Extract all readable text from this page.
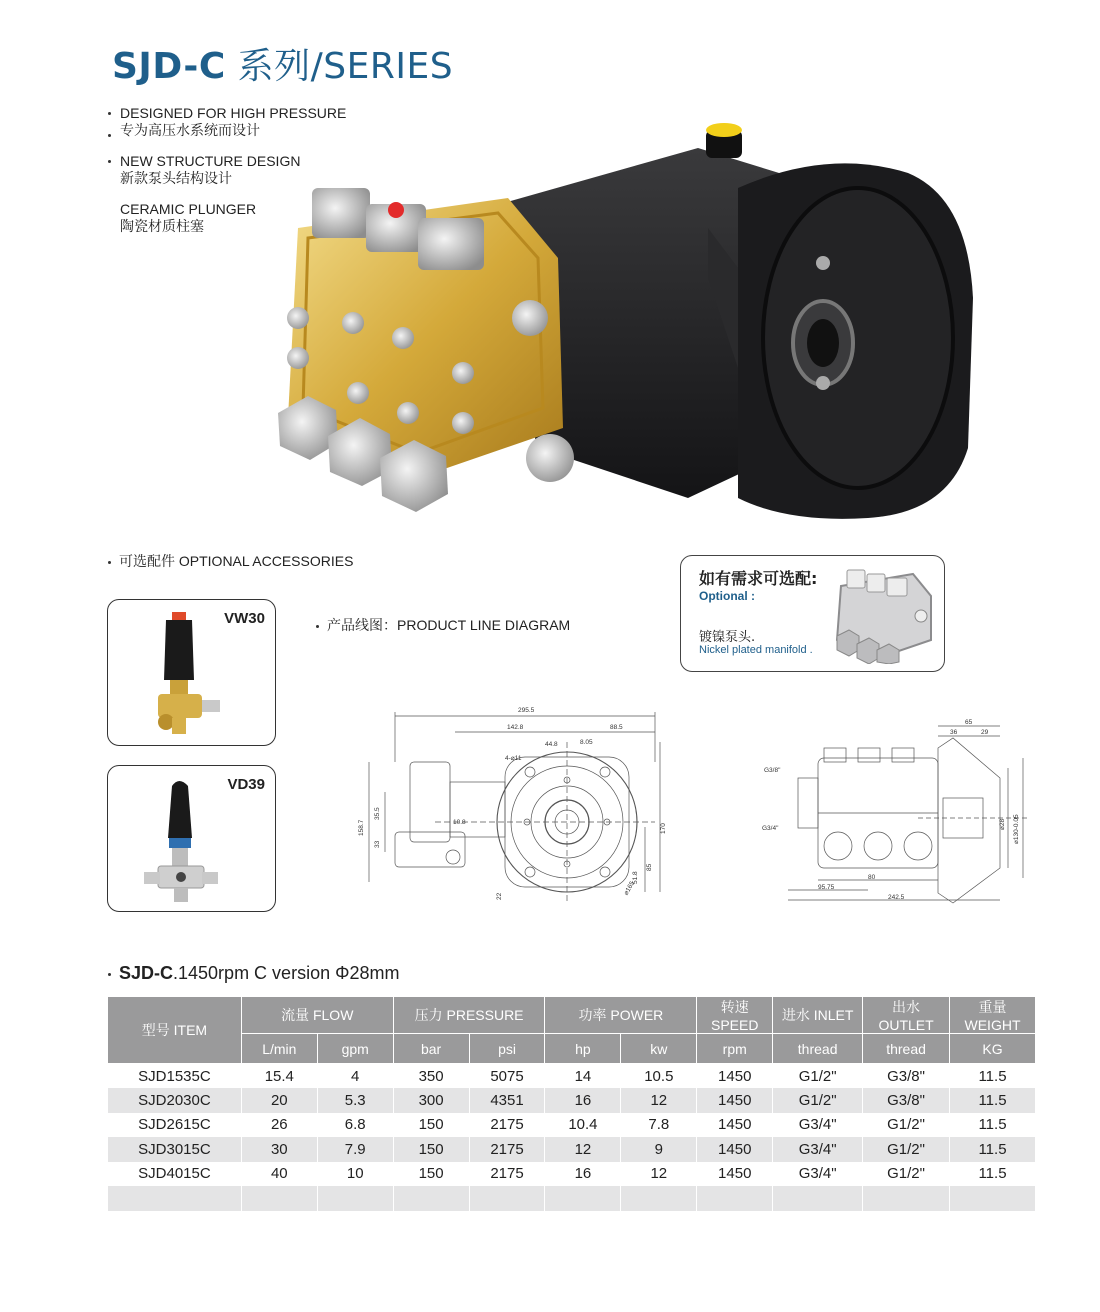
SJD-C 系列/SERIES
DESIGNED FOR HIGH PRESSURE
专为高压水系统而设计
NEW STRUCTURE DESIGN
新款泵头结构设计
CERAMIC PLUNGER
陶瓷材质柱塞
可选配件 OPTIONAL ACCESSORIES
VW30
VD39
产品线图：PRODUCT LINE DIAGRAM
如有需求可选配:
Optional :
镀镍泵头.
Nickel plated manifold .
295.5
142.8	88.5
8.05
4-⌀11
44.8
158.7
35.5
33
10.8
170
85
51.8
22	⌀165
65
36	29
G3/8"
G3/4"	⌀28 ⌀130-0.05
80
95.75
242.5
SJD-C.1450rpm C version Φ28mm
型号 ITEM	流量 FLOW		压力 PRESSURE		功率 POWER		转速 SPEED	进水 INLET	出水 OUTLET	重量 WEIGHT
	L/min	gpm	bar	psi	hp	kw	rpm	thread	thread	KG
SJD1535C	15.4	4	350	5075	14	10.5	1450	G1/2"	G3/8"	11.5
SJD2030C	20	5.3	300	4351	16	12	1450	G1/2"	G3/8"	11.5
SJD2615C	26	6.8	150	2175	10.4	7.8	1450	G3/4"	G1/2"	11.5
SJD3015C	30	7.9	150	2175	12	9	1450	G3/4"	G1/2"	11.5
SJD4015C	40	10	150	2175	16	12	1450	G3/4"	G1/2"	11.5
